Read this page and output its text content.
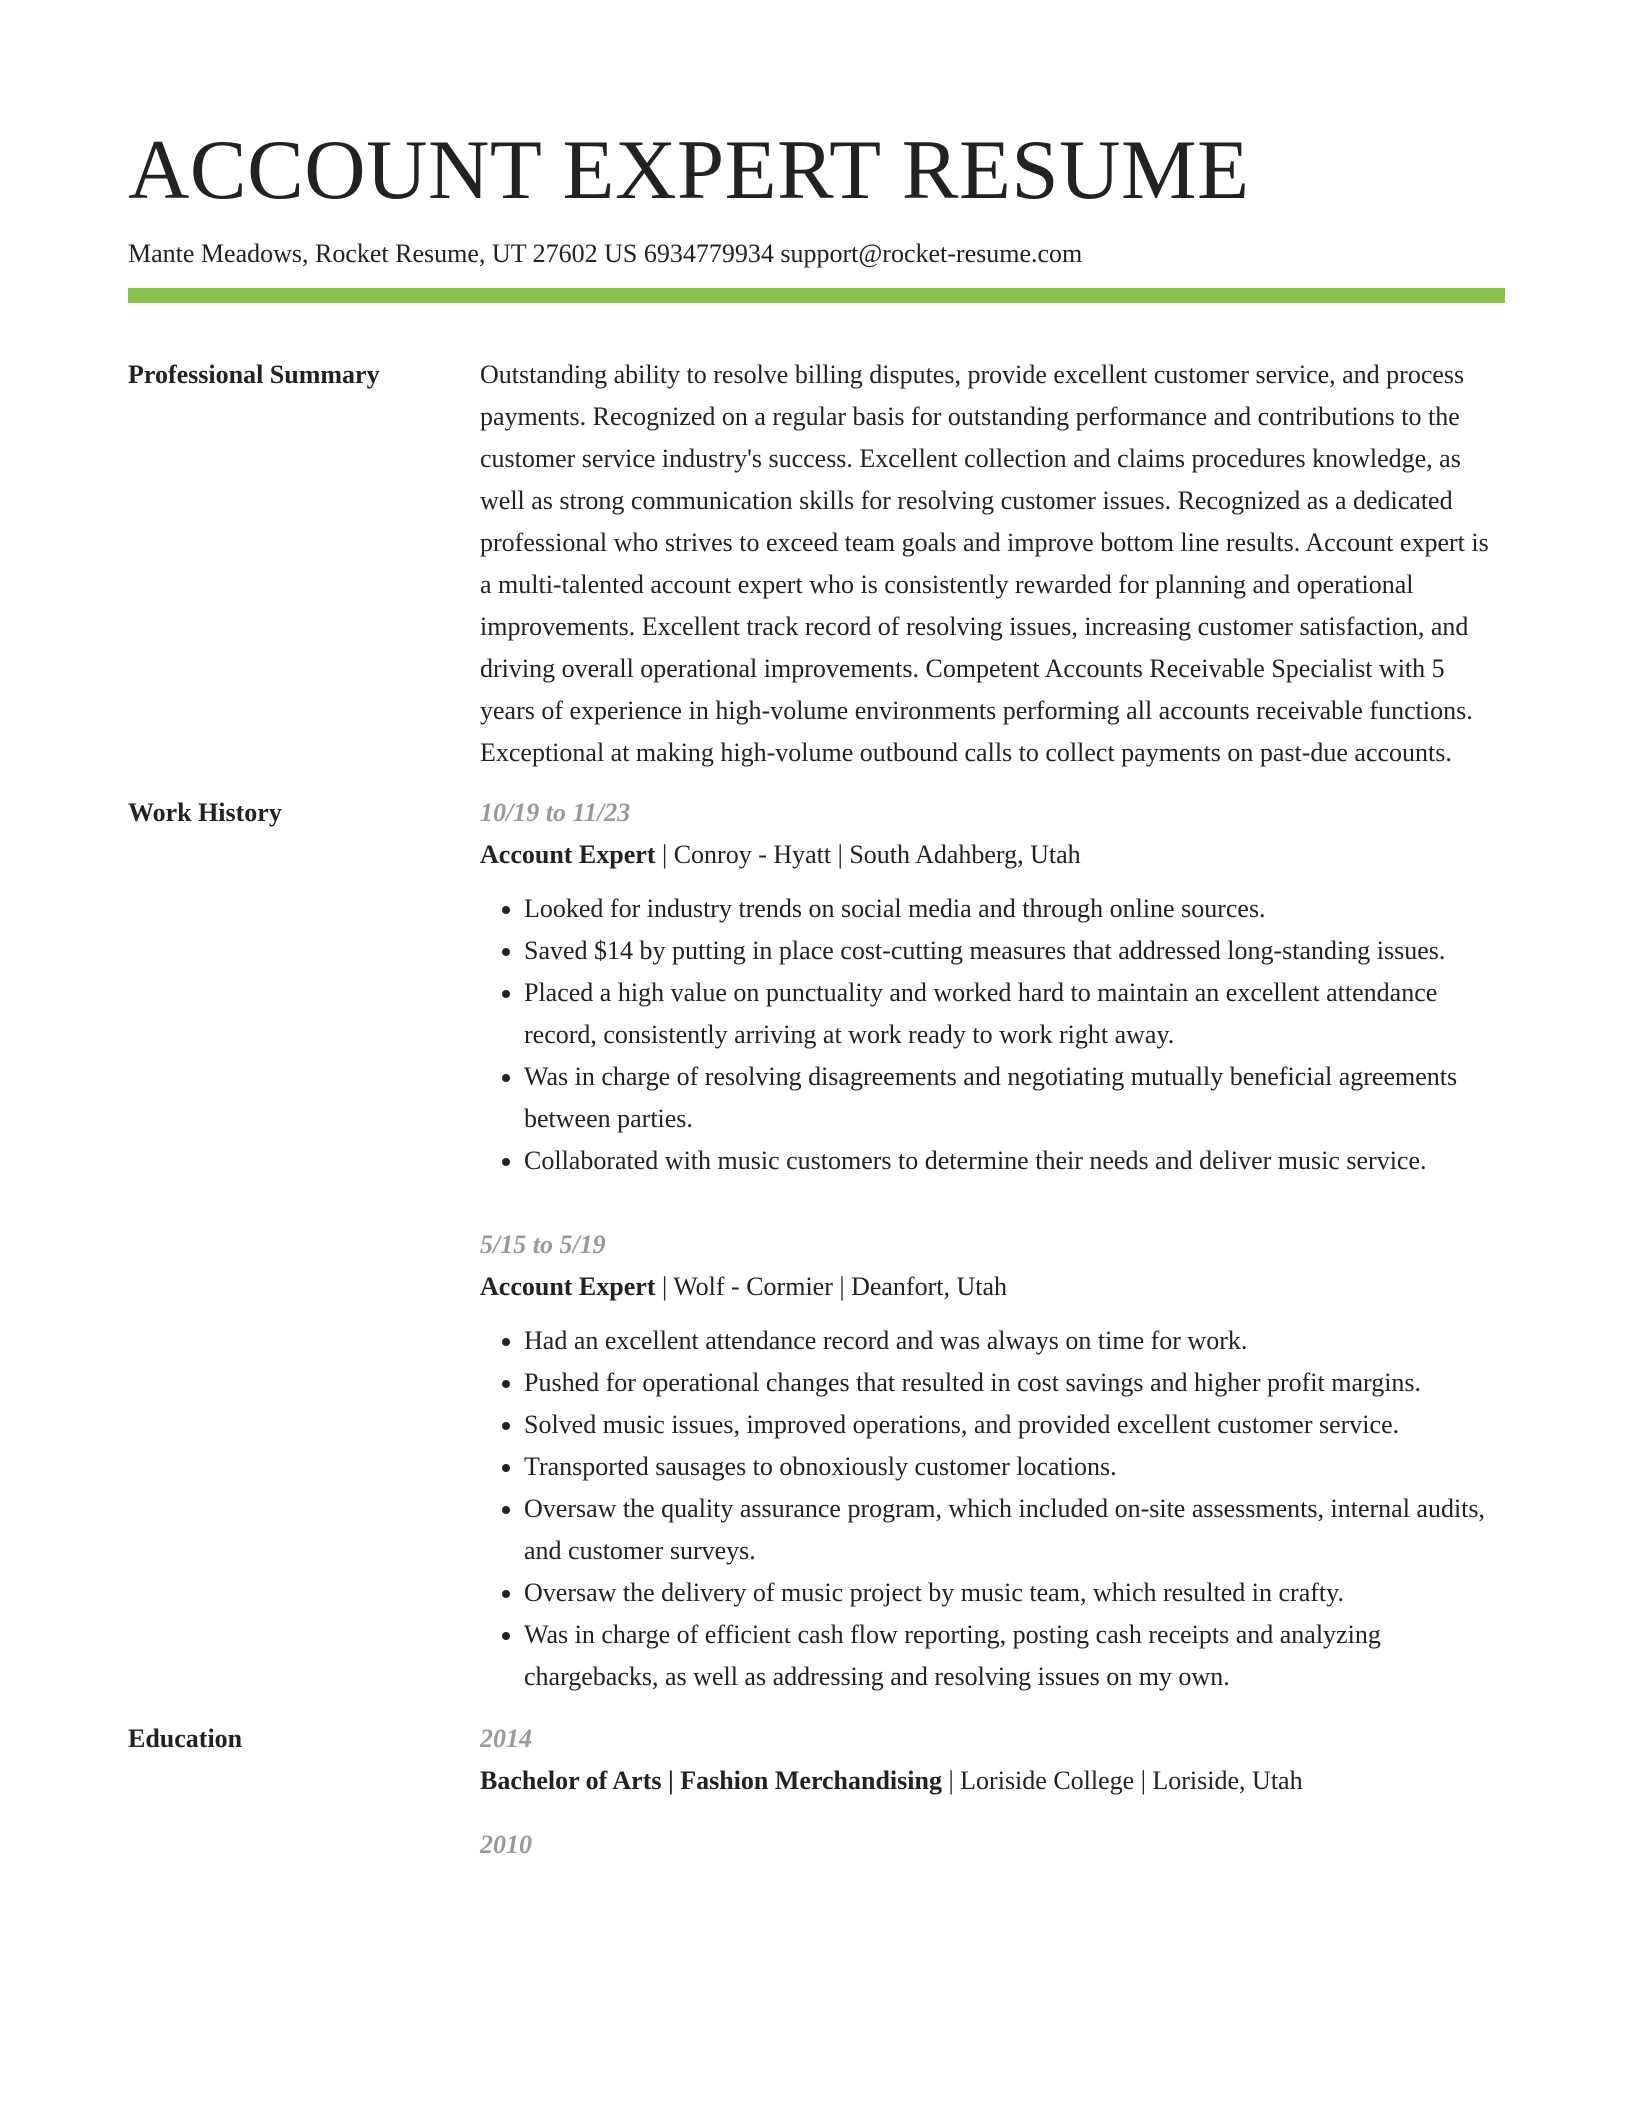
ACCOUNT EXPERT RESUME
Mante Meadows, Rocket Resume, UT 27602 US 6934779934 support@rocket-resume.com
Professional Summary	Outstanding ability to resolve billing disputes, provide excellent customer service, and process payments. Recognized on a regular basis for outstanding performance and contributions to the customer service industry's success. Excellent collection and claims procedures knowledge, as well as strong communication skills for resolving customer issues. Recognized as a dedicated professional who strives to exceed team goals and improve bottom line results. Account expert is a multi-talented account expert who is consistently rewarded for planning and operational improvements. Excellent track record of resolving issues, increasing customer satisfaction, and driving overall operational improvements. Competent Accounts Receivable Specialist with 5 years of experience in high-volume environments performing all accounts receivable functions. Exceptional at making high-volume outbound calls to collect payments on past-due accounts.

Work History	10/19 to 11/23
Account Expert | Conroy - Hyatt | South Adahberg, Utah
• Looked for industry trends on social media and through online sources.
• Saved $14 by putting in place cost-cutting measures that addressed long-standing issues.
• Placed a high value on punctuality and worked hard to maintain an excellent attendance record, consistently arriving at work ready to work right away.
• Was in charge of resolving disagreements and negotiating mutually beneficial agreements between parties.
• Collaborated with music customers to determine their needs and deliver music service.
5/15 to 5/19
Account Expert | Wolf - Cormier | Deanfort, Utah
• Had an excellent attendance record and was always on time for work.
• Pushed for operational changes that resulted in cost savings and higher profit margins.
• Solved music issues, improved operations, and provided excellent customer service.
• Transported sausages to obnoxiously customer locations.
• Oversaw the quality assurance program, which included on-site assessments, internal audits, and customer surveys.
• Oversaw the delivery of music project by music team, which resulted in crafty.
• Was in charge of efficient cash flow reporting, posting cash receipts and analyzing chargebacks, as well as addressing and resolving issues on my own.
Education	2014
Bachelor of Arts | Fashion Merchandising | Loriside College | Loriside, Utah
2010
